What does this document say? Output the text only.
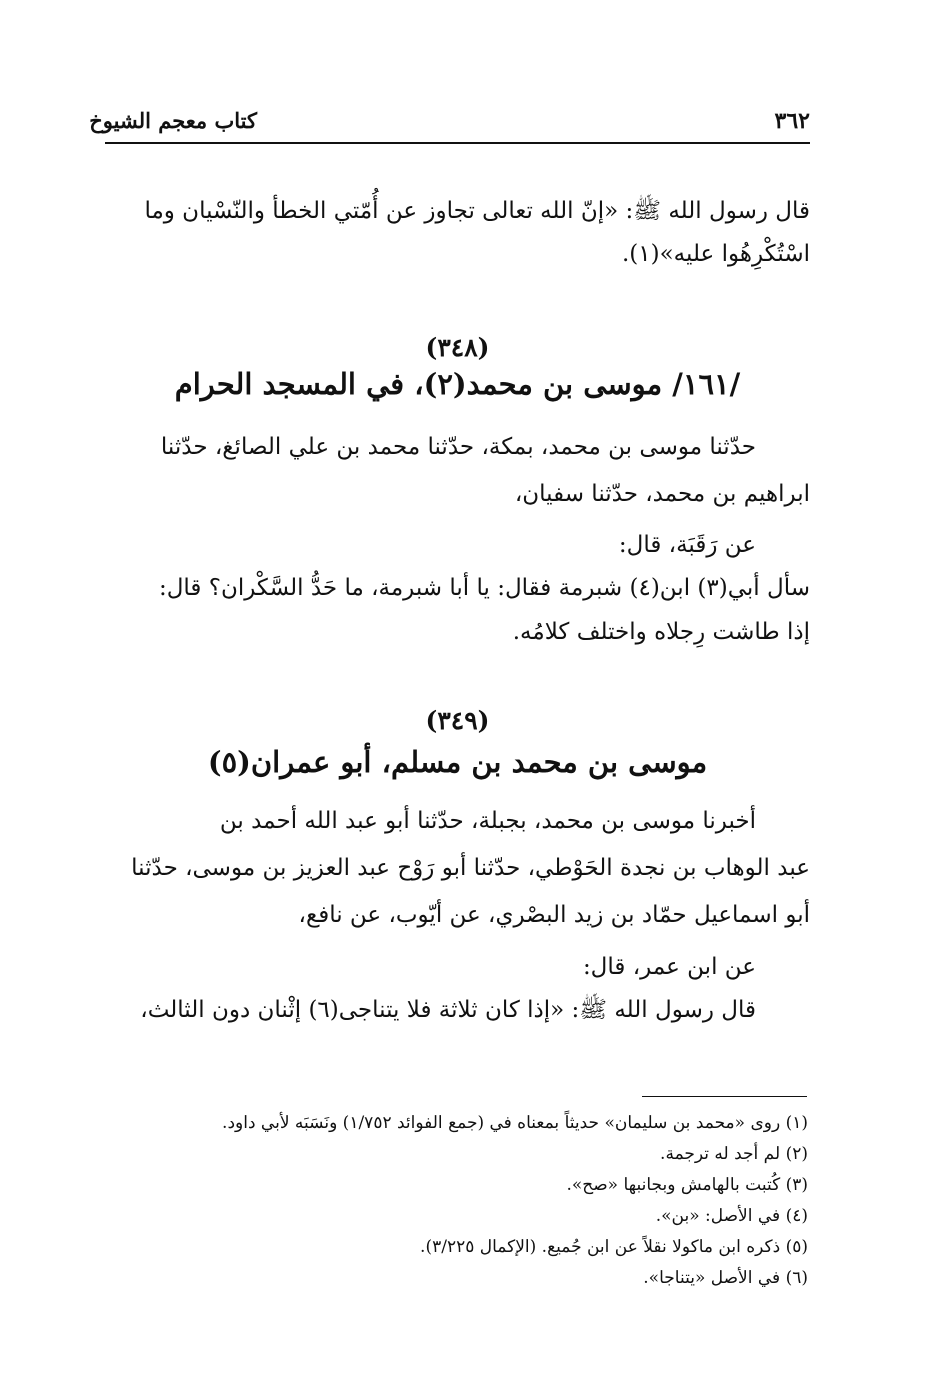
كتاب معجم الشيوخ	٣٦٢
قال رسول الله ﷺ: «إنّ الله تعالى تجاوز عن أُمّتي الخطأ والنّسْيان وما
اسْتُكْرِهُوا عليه»(١).
(٣٤٨)
/١٦١/ موسى بن محمد(٢)، في المسجد الحرام
حدّثنا موسى بن محمد، بمكة، حدّثنا محمد بن علي الصائغ، حدّثنا
ابراهيم بن محمد، حدّثنا سفيان،
عن رَقَبَة، قال:
سأل أبي(٣) ابن(٤) شبرمة فقال: يا أبا شبرمة، ما حَدُّ السَّكْران؟ قال:
إذا طاشت رِجلاه واختلف كلامُه.
(٣٤٩)
موسى بن محمد بن مسلم، أبو عمران(٥)
أخبرنا موسى بن محمد، بجبلة، حدّثنا أبو عبد الله أحمد بن
عبد الوهاب بن نجدة الحَوْطي، حدّثنا أبو رَوْح عبد العزيز بن موسى، حدّثنا
أبو اسماعيل حمّاد بن زيد البصْري، عن أيّوب، عن نافع،
عن ابن عمر، قال:
قال رسول الله ﷺ: «إذا كان ثلاثة فلا يتناجى(٦) إثْنان دون الثالث،
(١) روى «محمد بن سليمان» حديثاً بمعناه في (جمع الفوائد ١/٧٥٢) ونَسَبَه لأبي داود.
(٢) لم أجد له ترجمة.
(٣) كُتبت بالهامش وبجانبها «صح».
(٤) في الأصل: «بن».
(٥) ذكره ابن ماكولا نقلاً عن ابن جُميع. (الإكمال ٣/٢٢٥).
(٦) في الأصل «يتناجا».
